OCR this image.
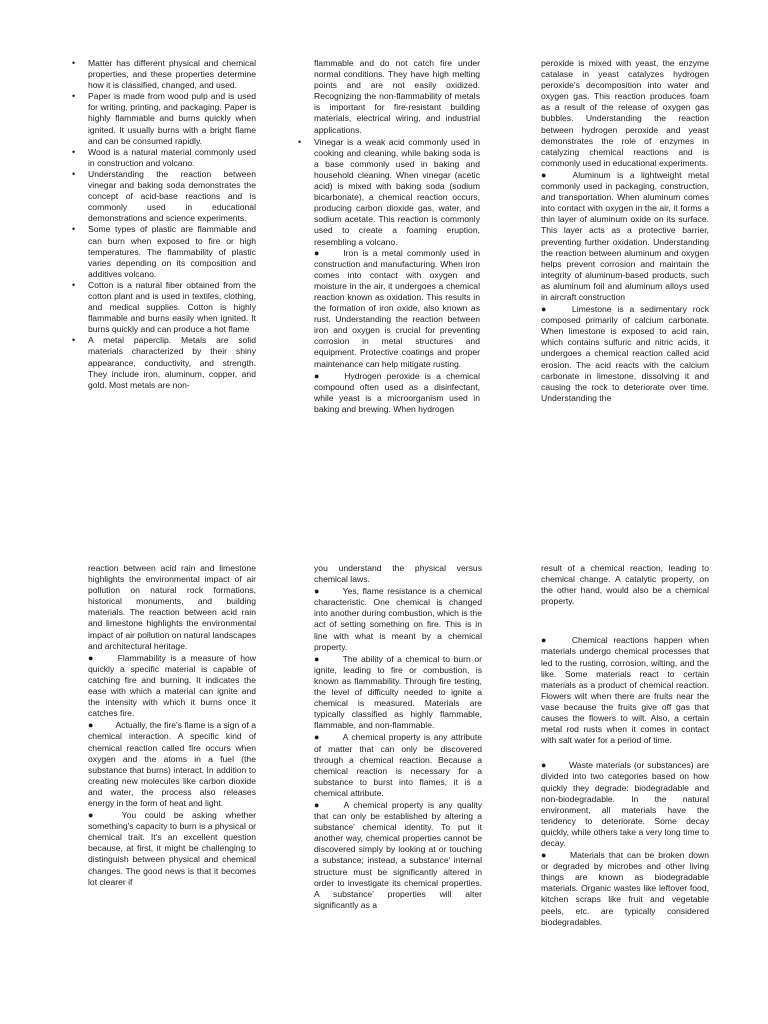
• Matter has different physical and chemical properties, and these properties determine how it is classified, changed, and used.
• Paper is made from wood pulp and is used for writing, printing, and packaging. Paper is highly flammable and burns quickly when ignited. It usually burns with a bright flame and can be consumed rapidly.
• Wood is a natural material commonly used in construction and volcano.
• Understanding the reaction between vinegar and baking soda demonstrates the concept of acid-base reactions and is commonly used in educational demonstrations and science experiments.
• Some types of plastic are flammable and can burn when exposed to fire or high temperatures. The flammability of plastic varies depending on its composition and additives volcano.
• Cotton is a natural fiber obtained from the cotton plant and is used in textiles, clothing, and medical supplies. Cotton is highly flammable and burns easily when ignited. It burns quickly and can produce a hot flame
• A metal paperclip. Metals are solid materials characterized by their shiny appearance, conductivity, and strength. They include iron, aluminum, copper, and gold. Most metals are non-

flammable and do not catch fire under normal conditions. They have high melting points and are not easily oxidized. Recognizing the non-flammability of metals is important for fire-resistant building materials, electrical wiring, and industrial applications.

• Vinegar is a weak acid commonly used in cooking and cleaning, while baking soda is a base commonly used in baking and household cleaning. When vinegar (acetic acid) is mixed with baking soda (sodium bicarbonate), a chemical reaction occurs, producing carbon dioxide gas, water, and sodium acetate. This reaction is commonly used to create a foaming eruption, resembling a volcano.

●	Iron is a metal commonly used in construction and manufacturing. When iron comes into contact with oxygen and moisture in the air, it undergoes a chemical reaction known as oxidation. This results in the formation of iron oxide, also known as rust. Understanding the reaction between iron and oxygen is crucial for preventing corrosion in metal structures and equipment. Protective coatings and proper maintenance can help mitigate rusting.

●	Hydrogen peroxide is a chemical compound often used as a disinfectant, while yeast is a microorganism used in baking and brewing. When hydrogen

peroxide is mixed with yeast, the enzyme catalase in yeast catalyzes hydrogen peroxide's decomposition into water and oxygen gas. This reaction produces foam as a result of the release of oxygen gas bubbles. Understanding the reaction between hydrogen peroxide and yeast demonstrates the role of enzymes in catalyzing chemical reactions and is commonly used in educational experiments.

●	Aluminum is a lightweight metal commonly used in packaging, construction, and transportation. When aluminum comes into contact with oxygen in the air, it forms a thin layer of aluminum oxide on its surface. This layer acts as a protective barrier, preventing further oxidation. Understanding the reaction between aluminum and oxygen helps prevent corrosion and maintain the integrity of aluminum-based products, such as aluminum foil and aluminum alloys used in aircraft construction

●	Limestone is a sedimentary rock composed primarily of calcium carbonate. When limestone is exposed to acid rain, which contains sulfuric and nitric acids, it undergoes a chemical reaction called acid erosion. The acid reacts with the calcium carbonate in limestone, dissolving it and causing the rock to deteriorate over time. Understanding the

reaction between acid rain and limestone highlights the environmental impact of air pollution on natural rock formations, historical monuments, and building materials. The reaction between acid rain and limestone highlights the environmental impact of air pollution on natural landscapes and architectural heritage.

●	Flammability is a measure of how quickly a specific material is capable of catching fire and burning. It indicates the ease with which a material can ignite and the intensity with which it burns once it catches fire.

●	Actually, the fire's flame is a sign of a chemical interaction. A specific kind of chemical reaction called fire occurs when oxygen and the atoms in a fuel (the substance that burns) interact. In addition to creating new molecules like carbon dioxide and water, the process also releases energy in the form of heat and light.

●	You could be asking whether something's capacity to burn is a physical or chemical trait. It's an excellent question because, at first, it might be challenging to distinguish between physical and chemical changes. The good news is that it becomes lot clearer if

you understand the physical versus chemical laws.

●	Yes, flame resistance is a chemical characteristic. One chemical is changed into another during combustion, which is the act of setting something on fire. This is in line with what is meant by a chemical property.

●	The ability of a chemical to burn or ignite, leading to fire or combustion, is known as flammability. Through fire testing, the level of difficulty needed to ignite a chemical is measured. Materials are typically classified as highly flammable, flammable, and non-flammable.

●	A chemical property is any attribute of matter that can only be discovered through a chemical reaction. Because a chemical reaction is necessary for a substance to burst into flames, it is a chemical attribute.

●	A chemical property is any quality that can only be established by altering a substance' chemical identity. To put it another way, chemical properties cannot be discovered simply by looking at or touching a substance; instead, a substance' internal structure must be significantly altered in order to investigate its chemical properties. A substance' properties will alter significantly as a

result of a chemical reaction, leading to chemical change. A catalytic property, on the other hand, would also be a chemical property.

●	Chemical reactions happen when materials undergo chemical processes that led to the rusting, corrosion, wilting, and the like. Some materials react to certain materials as a product of chemical reaction. Flowers wilt when there are fruits near the vase because the fruits give off gas that causes the flowers to wilt. Also, a certain metal rod rusts when it comes in contact with salt water for a period of time.

●	Waste materials (or substances) are divided into two categories based on how quickly they degrade: biodegradable and non-biodegradable. In the natural environment, all materials have the tendency to deteriorate. Some decay quickly, while others take a very long time to decay.

●	Materials that can be broken down or degraded by microbes and other living things are known as biodegradable materials. Organic wastes like leftover food, kitchen scraps like fruit and vegetable peels, etc. are typically considered biodegradables.
